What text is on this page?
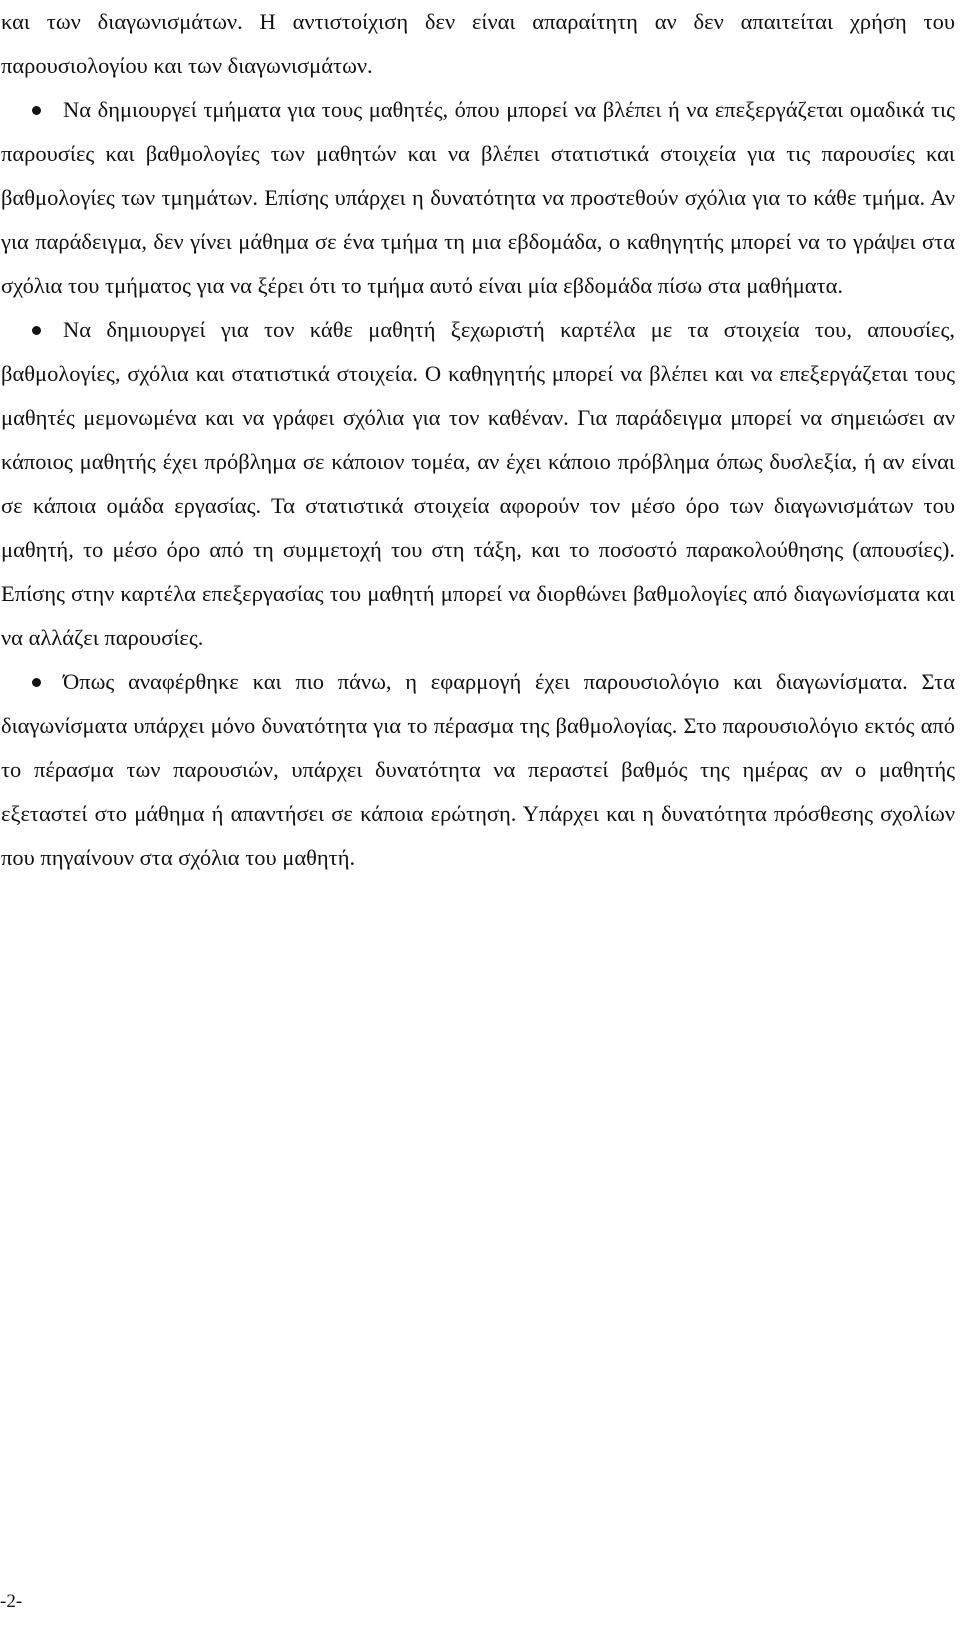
και των διαγωνισμάτων. Η αντιστοίχιση δεν είναι απαραίτητη αν δεν απαιτείται χρήση του παρουσιολογίου και των διαγωνισμάτων.

Να δημιουργεί τμήματα για τους μαθητές, όπου μπορεί να βλέπει ή να επεξεργάζεται ομαδικά τις παρουσίες και βαθμολογίες των μαθητών και να βλέπει στατιστικά στοιχεία για τις παρουσίες και βαθμολογίες των τμημάτων. Επίσης υπάρχει η δυνατότητα να προστεθούν σχόλια για το κάθε τμήμα. Αν για παράδειγμα, δεν γίνει μάθημα σε ένα τμήμα τη μια εβδομάδα, ο καθηγητής μπορεί να το γράψει στα σχόλια του τμήματος για να ξέρει ότι το τμήμα αυτό είναι μία εβδομάδα πίσω στα μαθήματα.
Να δημιουργεί για τον κάθε μαθητή ξεχωριστή καρτέλα με τα στοιχεία του, απουσίες, βαθμολογίες, σχόλια και στατιστικά στοιχεία. Ο καθηγητής μπορεί να βλέπει και να επεξεργάζεται τους μαθητές μεμονωμένα και να γράφει σχόλια για τον καθέναν. Για παράδειγμα μπορεί να σημειώσει αν κάποιος μαθητής έχει πρόβλημα σε κάποιον τομέα, αν έχει κάποιο πρόβλημα όπως δυσλεξία, ή αν είναι σε κάποια ομάδα εργασίας. Τα στατιστικά στοιχεία αφορούν τον μέσο όρο των διαγωνισμάτων του μαθητή, το μέσο όρο από τη συμμετοχή του στη τάξη, και το ποσοστό παρακολούθησης (απουσίες). Επίσης στην καρτέλα επεξεργασίας του μαθητή μπορεί να διορθώνει βαθμολογίες από διαγωνίσματα και να αλλάζει παρουσίες.
Όπως αναφέρθηκε και πιο πάνω, η εφαρμογή έχει παρουσιολόγιο και διαγωνίσματα. Στα διαγωνίσματα υπάρχει μόνο δυνατότητα για το πέρασμα της βαθμολογίας. Στο παρουσιολόγιο εκτός από το πέρασμα των παρουσιών, υπάρχει δυνατότητα να περαστεί βαθμός της ημέρας αν ο μαθητής εξεταστεί στο μάθημα ή απαντήσει σε κάποια ερώτηση. Υπάρχει και η δυνατότητα πρόσθεσης σχολίων που πηγαίνουν στα σχόλια του μαθητή.
-2-
